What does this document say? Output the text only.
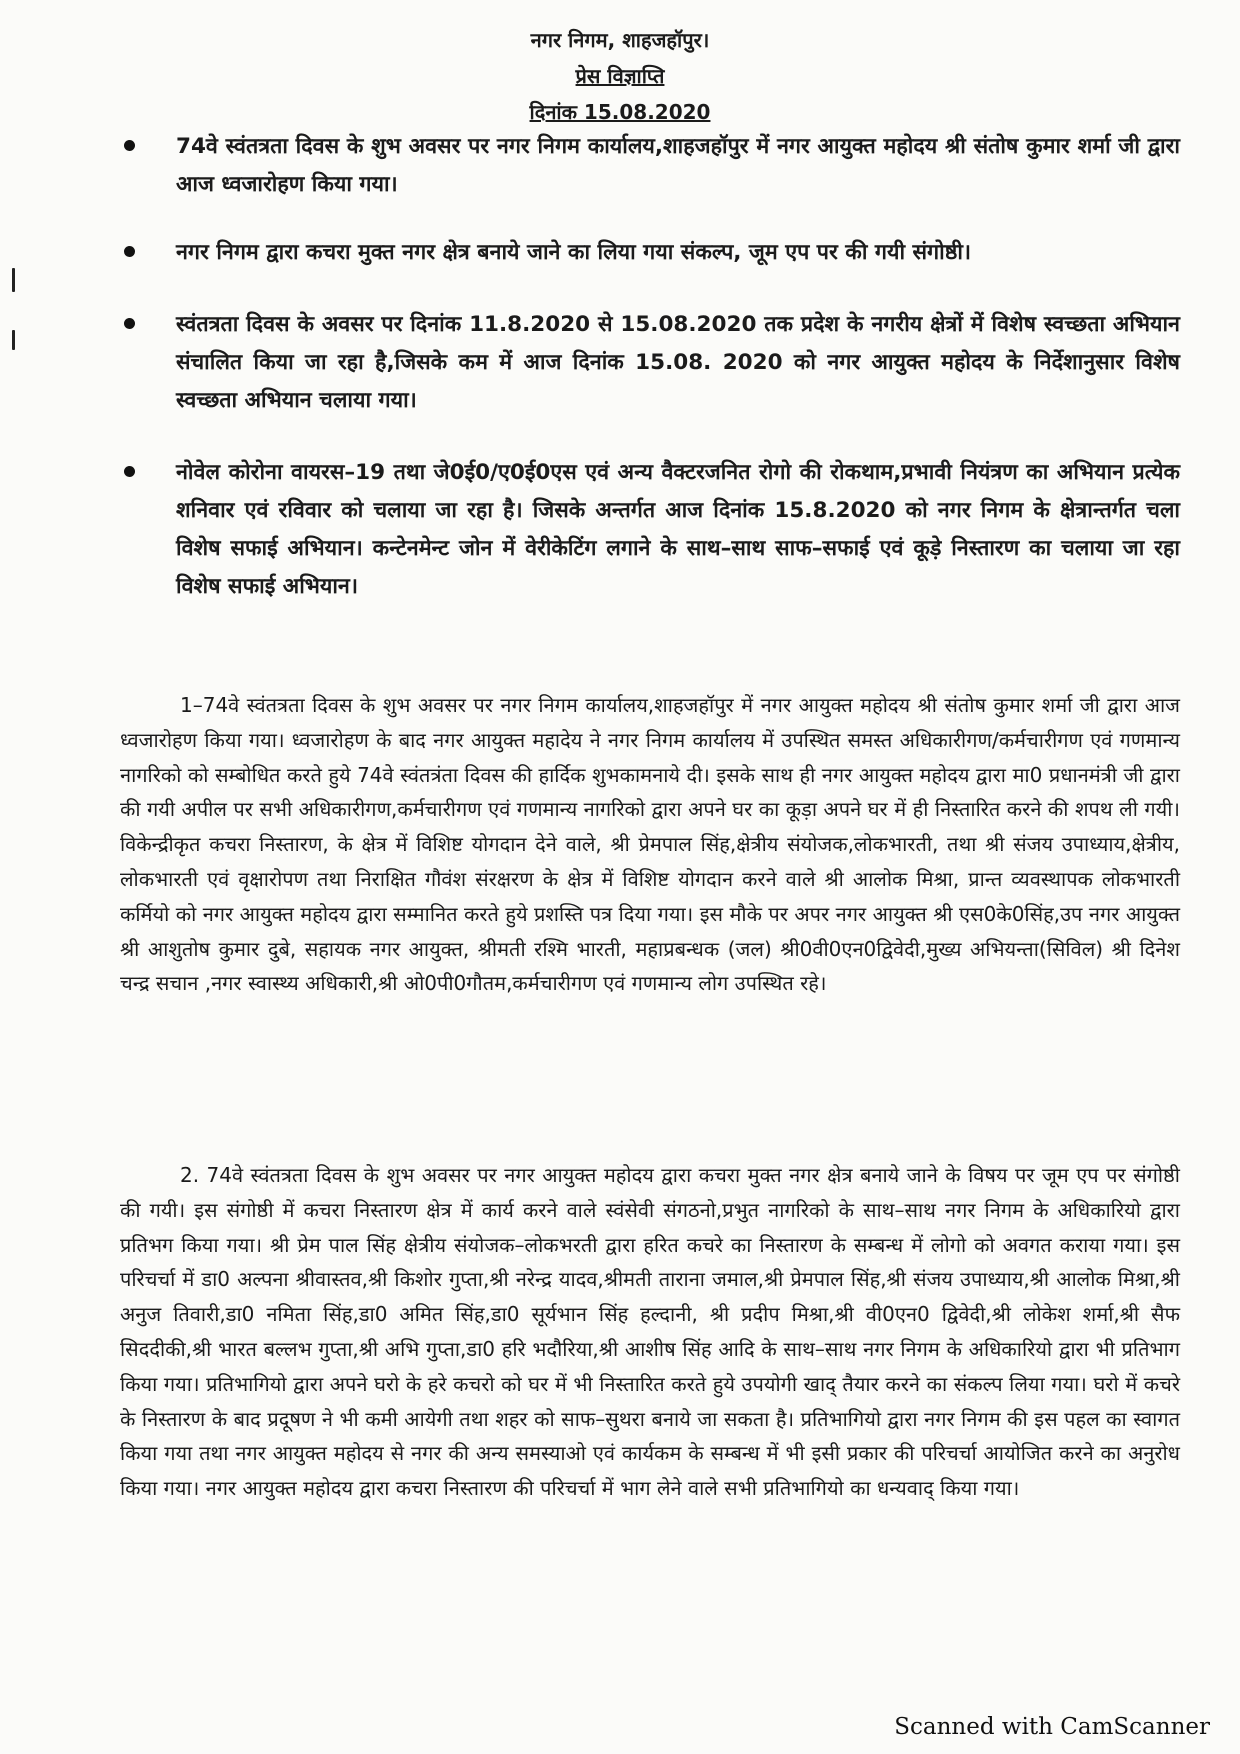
नगर निगम, शाहजहॉपुर।
प्रेस विज्ञाप्ति
दिनांक 15.08.2020
74वे स्वंतत्रता दिवस के शुभ अवसर पर नगर निगम कार्यालय,शाहजहॉपुर में नगर आयुक्त महोदय श्री संतोष कुमार शर्मा जी द्वारा आज ध्वजारोहण किया गया।
नगर निगम द्वारा कचरा मुक्त नगर क्षेत्र बनाये जाने का लिया गया संकल्प, जूम एप पर की गयी संगोष्ठी।
स्वंतत्रता दिवस के अवसर पर दिनांक 11.8.2020 से 15.08.2020 तक प्रदेश के नगरीय क्षेत्रों में विशेष स्वच्छता अभियान संचालित किया जा रहा है,जिसके कम में आज दिनांक 15.08. 2020 को नगर आयुक्त महोदय के निर्देशानुसार विशेष स्वच्छता अभियान चलाया गया।
नोवेल कोरोना वायरस–19 तथा जे0ई0/ए0ई0एस एवं अन्य वैक्टरजनित रोगो की रोकथाम,प्रभावी नियंत्रण का अभियान प्रत्येक शनिवार एवं रविवार को चलाया जा रहा है। जिसके अन्तर्गत आज दिनांक 15.8.2020 को नगर निगम के क्षेत्रान्तर्गत चला विशेष सफाई अभियान। कन्टेनमेन्ट जोन में वेरीकेटिंग लगाने के साथ–साथ साफ–सफाई एवं कूड़े निस्तारण का चलाया जा रहा विशेष सफाई अभियान।
1–74वे स्वंतत्रता दिवस के शुभ अवसर पर नगर निगम कार्यालय,शाहजहॉपुर में नगर आयुक्त महोदय श्री संतोष कुमार शर्मा जी द्वारा आज ध्वजारोहण किया गया। ध्वजारोहण के बाद नगर आयुक्त महादेय ने नगर निगम कार्यालय में उपस्थित समस्त अधिकारीगण/कर्मचारीगण एवं गणमान्य नागरिको को सम्बोधित करते हुये 74वे स्वंतत्रंता दिवस की हार्दिक शुभकामनाये दी। इसके साथ ही नगर आयुक्त महोदय द्वारा मा0 प्रधानमंत्री जी द्वारा की गयी अपील पर सभी अधिकारीगण,कर्मचारीगण एवं गणमान्य नागरिको द्वारा अपने घर का कूड़ा अपने घर में ही निस्तारित करने की शपथ ली गयी। विकेन्द्रीकृत कचरा निस्तारण, के क्षेत्र में विशिष्ट योगदान देने वाले, श्री प्रेमपाल सिंह,क्षेत्रीय संयोजक,लोकभारती, तथा श्री संजय उपाध्याय,क्षेत्रीय, लोकभारती एवं वृक्षारोपण तथा निराक्षित गौवंश संरक्षरण के क्षेत्र में विशिष्ट योगदान करने वाले श्री आलोक मिश्रा, प्रान्त व्यवस्थापक लोकभारती कर्मियो को नगर आयुक्त महोदय द्वारा सम्मानित करते हुये प्रशस्ति पत्र दिया गया। इस मौके पर अपर नगर आयुक्त श्री एस0के0सिंह,उप नगर आयुक्त श्री आशुतोष कुमार दुबे, सहायक नगर आयुक्त, श्रीमती रश्मि भारती, महाप्रबन्धक (जल) श्री0वी0एन0द्विवेदी,मुख्य अभियन्ता(सिविल) श्री दिनेश चन्द्र सचान ,नगर स्वास्थ्य अधिकारी,श्री ओ0पी0गौतम,कर्मचारीगण एवं गणमान्य लोग उपस्थित रहे।
2. 74वे स्वंतत्रता दिवस के शुभ अवसर पर नगर आयुक्त महोदय द्वारा कचरा मुक्त नगर क्षेत्र बनाये जाने के विषय पर जूम एप पर संगोष्ठी की गयी। इस संगोष्ठी में कचरा निस्तारण क्षेत्र में कार्य करने वाले स्वंसेवी संगठनो,प्रभुत नागरिको के साथ–साथ नगर निगम के अधिकारियो द्वारा प्रतिभग किया गया। श्री प्रेम पाल सिंह क्षेत्रीय संयोजक–लोकभरती द्वारा हरित कचरे का निस्तारण के सम्बन्ध में लोगो को अवगत कराया गया। इस परिचर्चा में डा0 अल्पना श्रीवास्तव,श्री किशोर गुप्ता,श्री नरेन्द्र यादव,श्रीमती ताराना जमाल,श्री प्रेमपाल सिंह,श्री संजय उपाध्याय,श्री आलोक मिश्रा,श्री अनुज तिवारी,डा0 नमिता सिंह,डा0 अमित सिंह,डा0 सूर्यभान सिंह हल्दानी, श्री प्रदीप मिश्रा,श्री वी0एन0 द्विवेदी,श्री लोकेश शर्मा,श्री सैफ सिददीकी,श्री भारत बल्लभ गुप्ता,श्री अभि गुप्ता,डा0 हरि भदौरिया,श्री आशीष सिंह आदि के साथ–साथ नगर निगम के अधिकारियो द्वारा भी प्रतिभाग किया गया। प्रतिभागियो द्वारा अपने घरो के हरे कचरो को घर में भी निस्तारित करते हुये उपयोगी खाद् तैयार करने का संकल्प लिया गया। घरो में कचरे के निस्तारण के बाद प्रदूषण ने भी कमी आयेगी तथा शहर को साफ–सुथरा बनाये जा सकता है। प्रतिभागियो द्वारा नगर निगम की इस पहल का स्वागत किया गया तथा नगर आयुक्त महोदय से नगर की अन्य समस्याओ एवं कार्यकम के सम्बन्ध में भी इसी प्रकार की परिचर्चा आयोजित करने का अनुरोध किया गया। नगर आयुक्त महोदय द्वारा कचरा निस्तारण की परिचर्चा में भाग लेने वाले सभी प्रतिभागियो का धन्यवाद् किया गया।
Scanned with CamScanner
